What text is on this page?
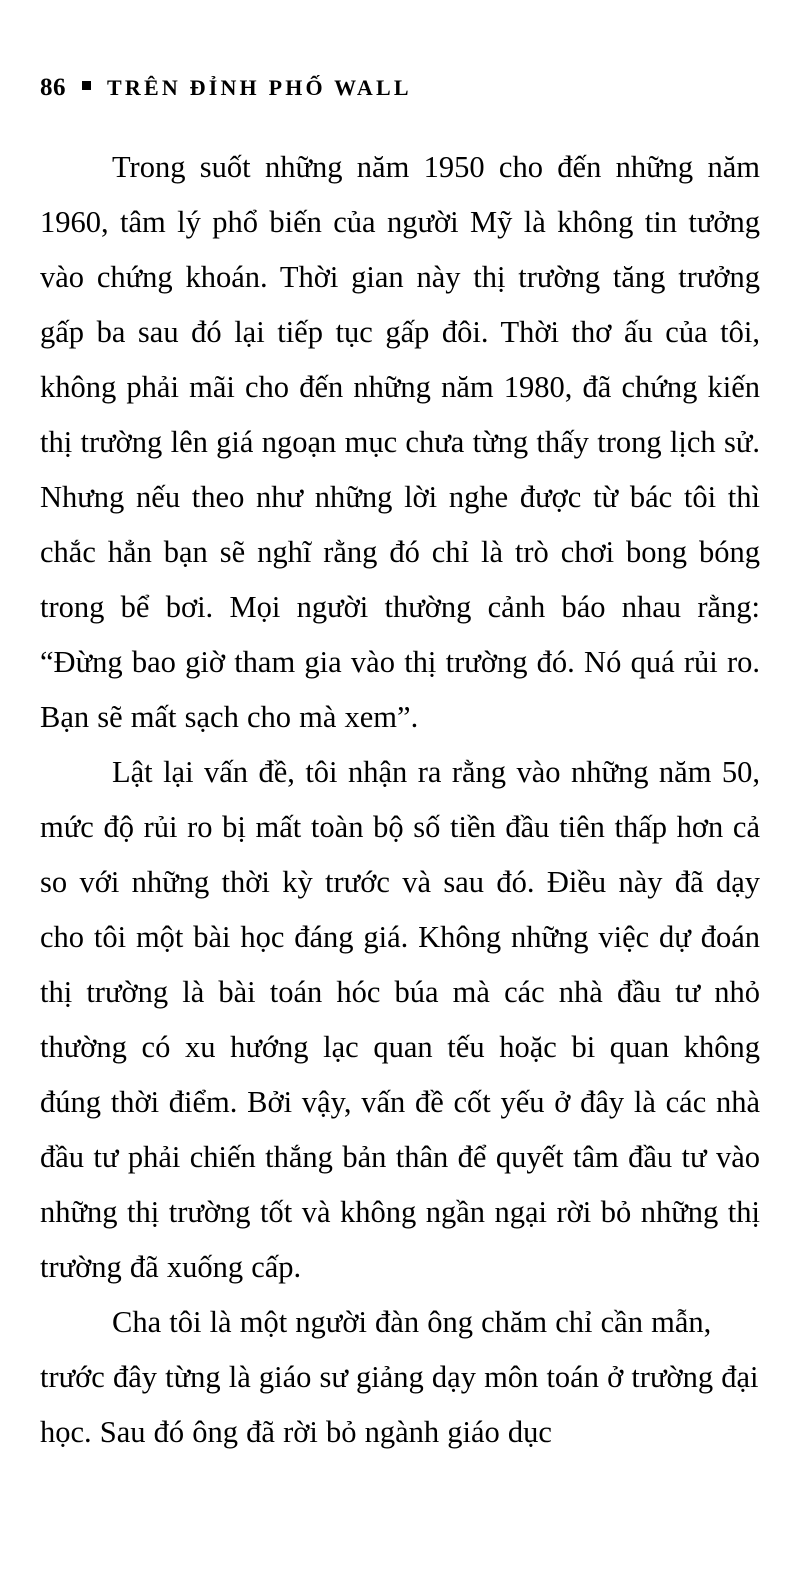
86 TRÊN ĐỈNH PHỐ WALL

Trong suốt những năm 1950 cho đến những năm 1960, tâm lý phổ biến của người Mỹ là không tin tưởng vào chứng khoán. Thời gian này thị trường tăng trưởng gấp ba sau đó lại tiếp tục gấp đôi. Thời thơ ấu của tôi, không phải mãi cho đến những năm 1980, đã chứng kiến thị trường lên giá ngoạn mục chưa từng thấy trong lịch sử. Nhưng nếu theo như những lời nghe được từ bác tôi thì chắc hẳn bạn sẽ nghĩ rằng đó chỉ là trò chơi bong bóng trong bể bơi. Mọi người thường cảnh báo nhau rằng: “Đừng bao giờ tham gia vào thị trường đó. Nó quá rủi ro. Bạn sẽ mất sạch cho mà xem”.

Lật lại vấn đề, tôi nhận ra rằng vào những năm 50, mức độ rủi ro bị mất toàn bộ số tiền đầu tiên thấp hơn cả so với những thời kỳ trước và sau đó. Điều này đã dạy cho tôi một bài học đáng giá. Không những việc dự đoán thị trường là bài toán hóc búa mà các nhà đầu tư nhỏ thường có xu hướng lạc quan tếu hoặc bi quan không đúng thời điểm. Bởi vậy, vấn đề cốt yếu ở đây là các nhà đầu tư phải chiến thắng bản thân để quyết tâm đầu tư vào những thị trường tốt và không ngần ngại rời bỏ những thị trường đã xuống cấp.

Cha tôi là một người đàn ông chăm chỉ cần mẫn, trước đây từng là giáo sư giảng dạy môn toán ở trường đại học. Sau đó ông đã rời bỏ ngành giáo dục
